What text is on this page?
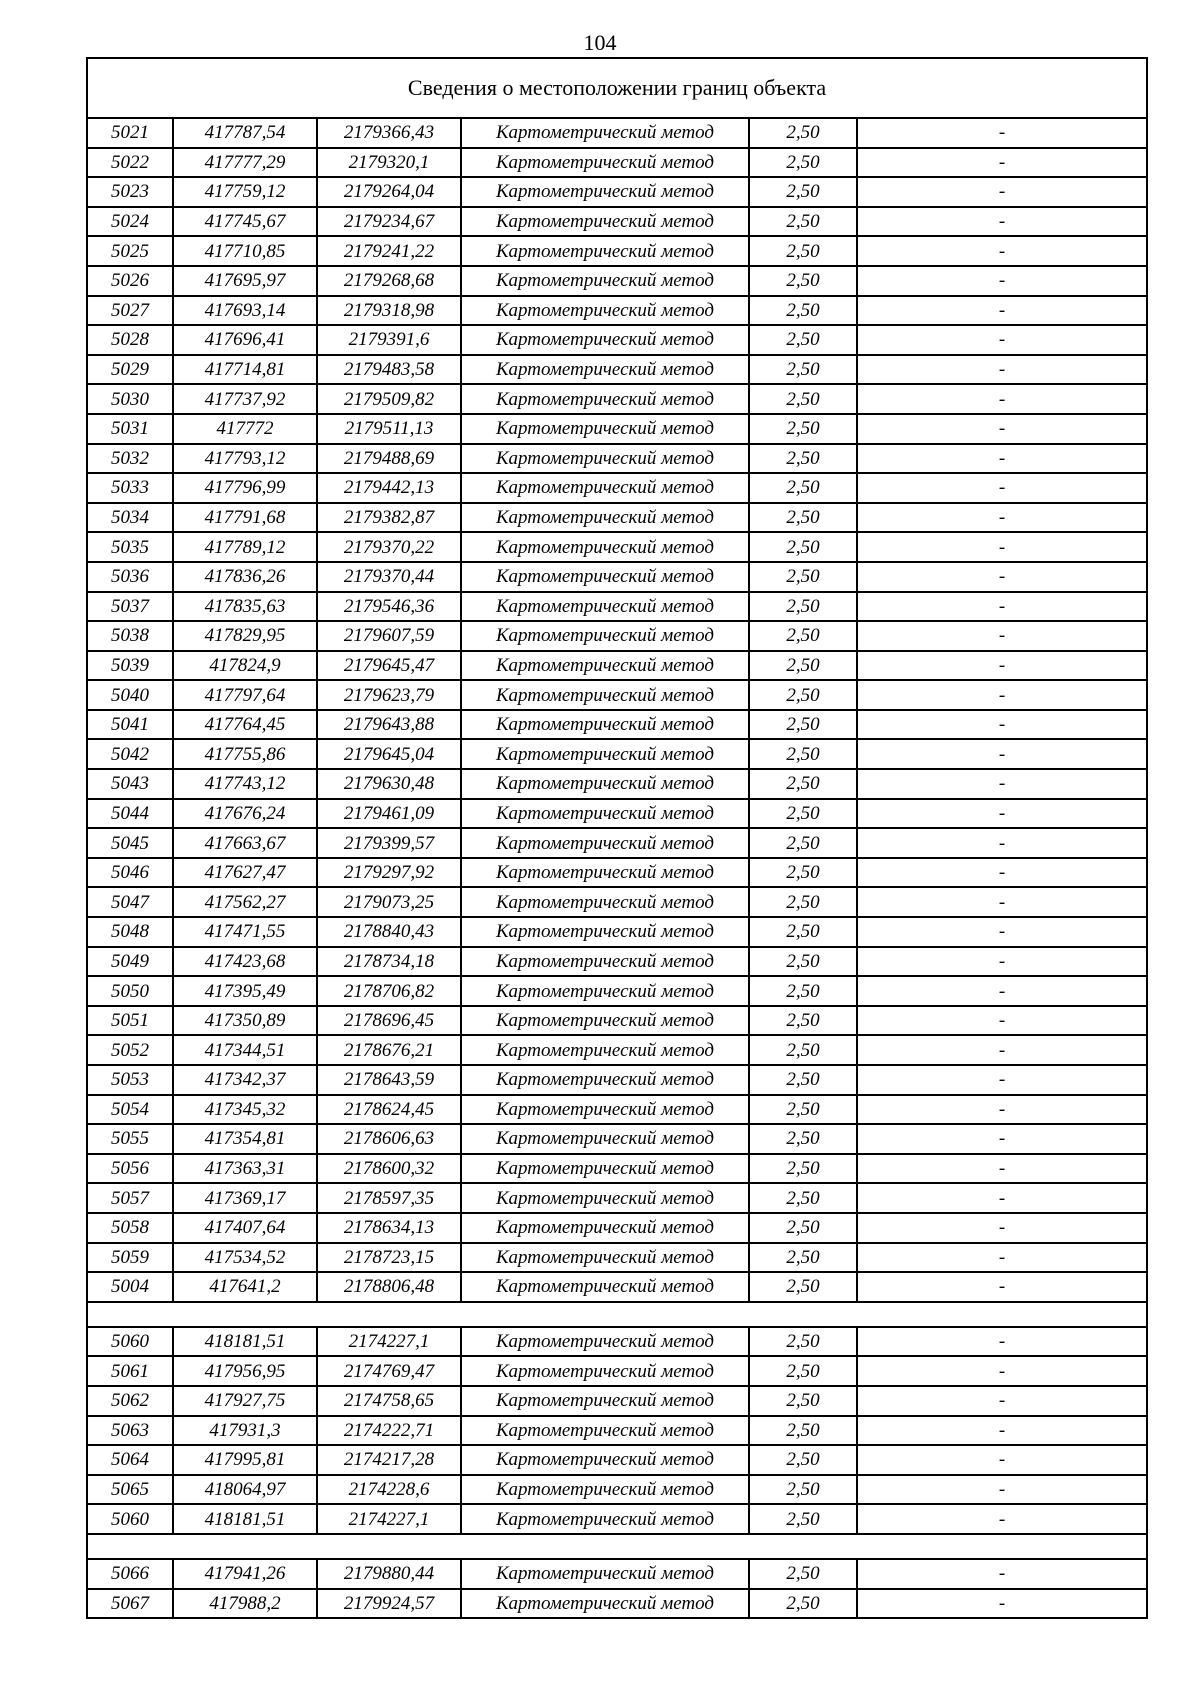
104
Сведения о местоположении границ объекта					
5021	417787,54	2179366,43	Картометрический метод	2,50	-
5022	417777,29	2179320,1	Картометрический метод	2,50	-
5023	417759,12	2179264,04	Картометрический метод	2,50	-
5024	417745,67	2179234,67	Картометрический метод	2,50	-
5025	417710,85	2179241,22	Картометрический метод	2,50	-
5026	417695,97	2179268,68	Картометрический метод	2,50	-
5027	417693,14	2179318,98	Картометрический метод	2,50	-
5028	417696,41	2179391,6	Картометрический метод	2,50	-
5029	417714,81	2179483,58	Картометрический метод	2,50	-
5030	417737,92	2179509,82	Картометрический метод	2,50	-
5031	417772	2179511,13	Картометрический метод	2,50	-
5032	417793,12	2179488,69	Картометрический метод	2,50	-
5033	417796,99	2179442,13	Картометрический метод	2,50	-
5034	417791,68	2179382,87	Картометрический метод	2,50	-
5035	417789,12	2179370,22	Картометрический метод	2,50	-
5036	417836,26	2179370,44	Картометрический метод	2,50	-
5037	417835,63	2179546,36	Картометрический метод	2,50	-
5038	417829,95	2179607,59	Картометрический метод	2,50	-
5039	417824,9	2179645,47	Картометрический метод	2,50	-
5040	417797,64	2179623,79	Картометрический метод	2,50	-
5041	417764,45	2179643,88	Картометрический метод	2,50	-
5042	417755,86	2179645,04	Картометрический метод	2,50	-
5043	417743,12	2179630,48	Картометрический метод	2,50	-
5044	417676,24	2179461,09	Картометрический метод	2,50	-
5045	417663,67	2179399,57	Картометрический метод	2,50	-
5046	417627,47	2179297,92	Картометрический метод	2,50	-
5047	417562,27	2179073,25	Картометрический метод	2,50	-
5048	417471,55	2178840,43	Картометрический метод	2,50	-
5049	417423,68	2178734,18	Картометрический метод	2,50	-
5050	417395,49	2178706,82	Картометрический метод	2,50	-
5051	417350,89	2178696,45	Картометрический метод	2,50	-
5052	417344,51	2178676,21	Картометрический метод	2,50	-
5053	417342,37	2178643,59	Картометрический метод	2,50	-
5054	417345,32	2178624,45	Картометрический метод	2,50	-
5055	417354,81	2178606,63	Картометрический метод	2,50	-
5056	417363,31	2178600,32	Картометрический метод	2,50	-
5057	417369,17	2178597,35	Картометрический метод	2,50	-
5058	417407,64	2178634,13	Картометрический метод	2,50	-
5059	417534,52	2178723,15	Картометрический метод	2,50	-
5004	417641,2	2178806,48	Картометрический метод	2,50	-

5060	418181,51	2174227,1	Картометрический метод	2,50	-
5061	417956,95	2174769,47	Картометрический метод	2,50	-
5062	417927,75	2174758,65	Картометрический метод	2,50	-
5063	417931,3	2174222,71	Картометрический метод	2,50	-
5064	417995,81	2174217,28	Картометрический метод	2,50	-
5065	418064,97	2174228,6	Картометрический метод	2,50	-
5060	418181,51	2174227,1	Картометрический метод	2,50	-

5066	417941,26	2179880,44	Картометрический метод	2,50	-
5067	417988,2	2179924,57	Картометрический метод	2,50	-
